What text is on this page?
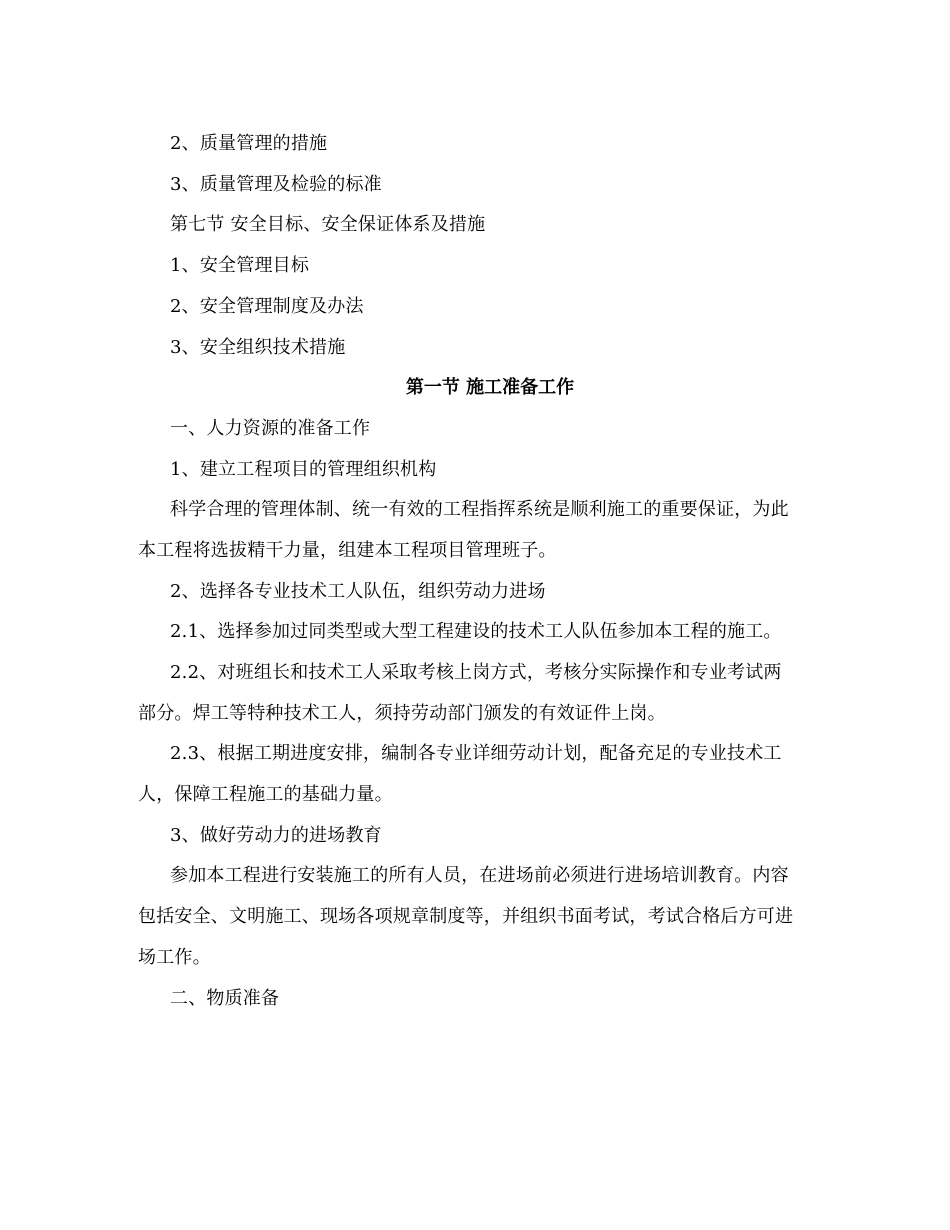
2、质量管理的措施
3、质量管理及检验的标准
第七节 安全目标、安全保证体系及措施
1、安全管理目标
2、安全管理制度及办法
3、安全组织技术措施
第一节 施工准备工作
一、人力资源的准备工作
1、建立工程项目的管理组织机构
科学合理的管理体制、统一有效的工程指挥系统是顺利施工的重要保证，为此
本工程将选拔精干力量，组建本工程项目管理班子。
2、选择各专业技术工人队伍，组织劳动力进场
2.1、选择参加过同类型或大型工程建设的技术工人队伍参加本工程的施工。
2.2、对班组长和技术工人采取考核上岗方式，考核分实际操作和专业考试两
部分。焊工等特种技术工人，须持劳动部门颁发的有效证件上岗。
2.3、根据工期进度安排，编制各专业详细劳动计划，配备充足的专业技术工
人，保障工程施工的基础力量。
3、做好劳动力的进场教育
参加本工程进行安装施工的所有人员，在进场前必须进行进场培训教育。内容
包括安全、文明施工、现场各项规章制度等，并组织书面考试，考试合格后方可进
场工作。
二、物质准备
